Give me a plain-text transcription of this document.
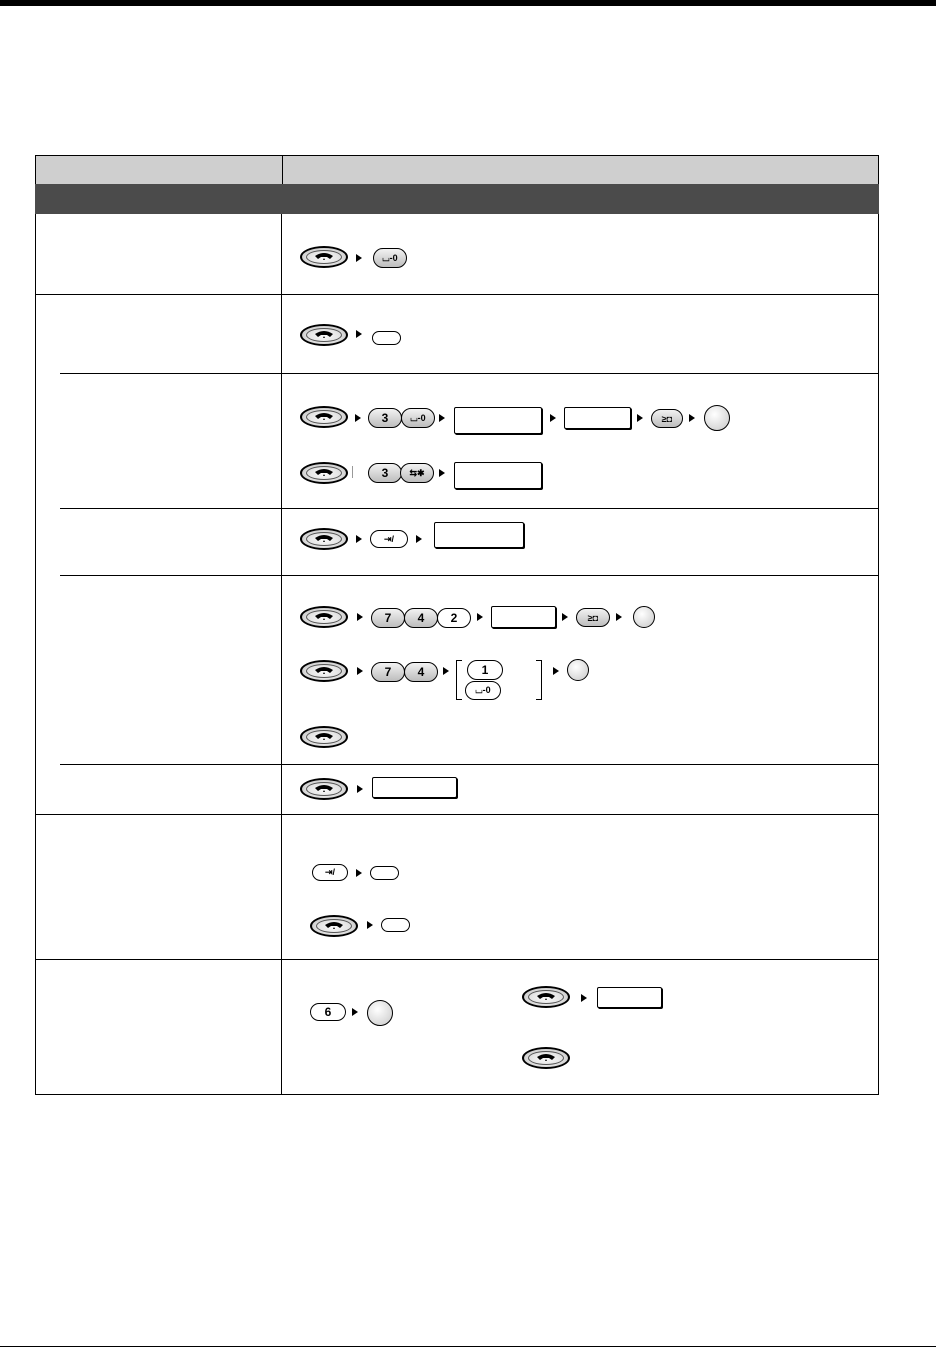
⌴-0
3	⌴-0	≥◘
3	⇆✱
⇥/
7	4	2	≥◘
7	4	1
⌴-0
⇥/
6
